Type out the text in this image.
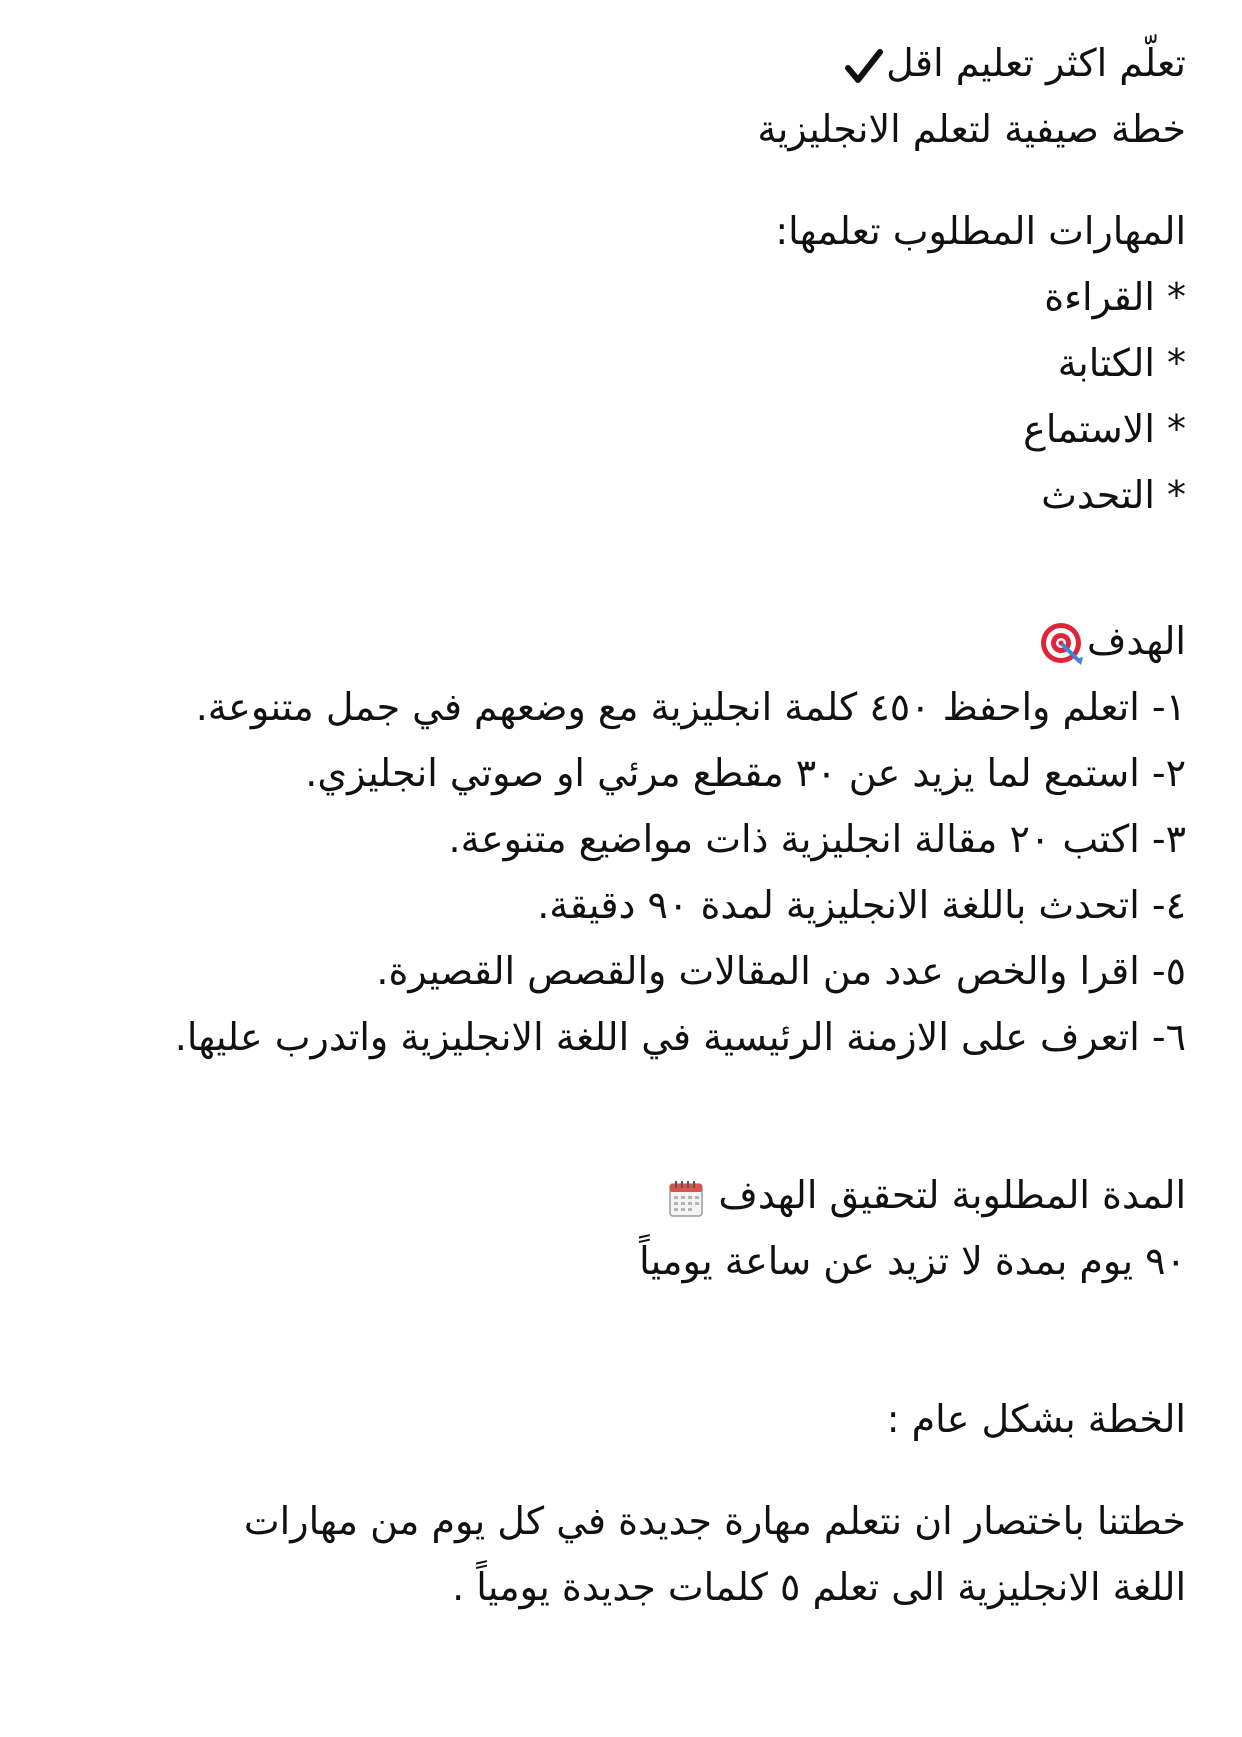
تعلّم اكثر تعليم اقل

خطة صيفية لتعلم الانجليزية

المهارات المطلوب تعلمها:

* القراءة

* الكتابة

* الاستماع

* التحدث

الهدف

١- اتعلم واحفظ ٤٥٠ كلمة انجليزية مع وضعهم في جمل متنوعة.

٢- استمع لما يزيد عن ٣٠ مقطع مرئي او صوتي انجليزي.

٣- اكتب ٢٠ مقالة انجليزية ذات مواضيع متنوعة.

٤- اتحدث باللغة الانجليزية لمدة ٩٠ دقيقة.

٥- اقرا والخص عدد من المقالات والقصص القصيرة.

٦- اتعرف على الازمنة الرئيسية في اللغة الانجليزية واتدرب عليها.

المدة المطلوبة لتحقيق الهدف

٩٠ يوم بمدة لا تزيد عن ساعة يومياً

الخطة بشكل عام :

خطتنا باختصار ان نتعلم مهارة جديدة في كل يوم من مهارات اللغة الانجليزية الى تعلم ٥ كلمات جديدة يومياً .
